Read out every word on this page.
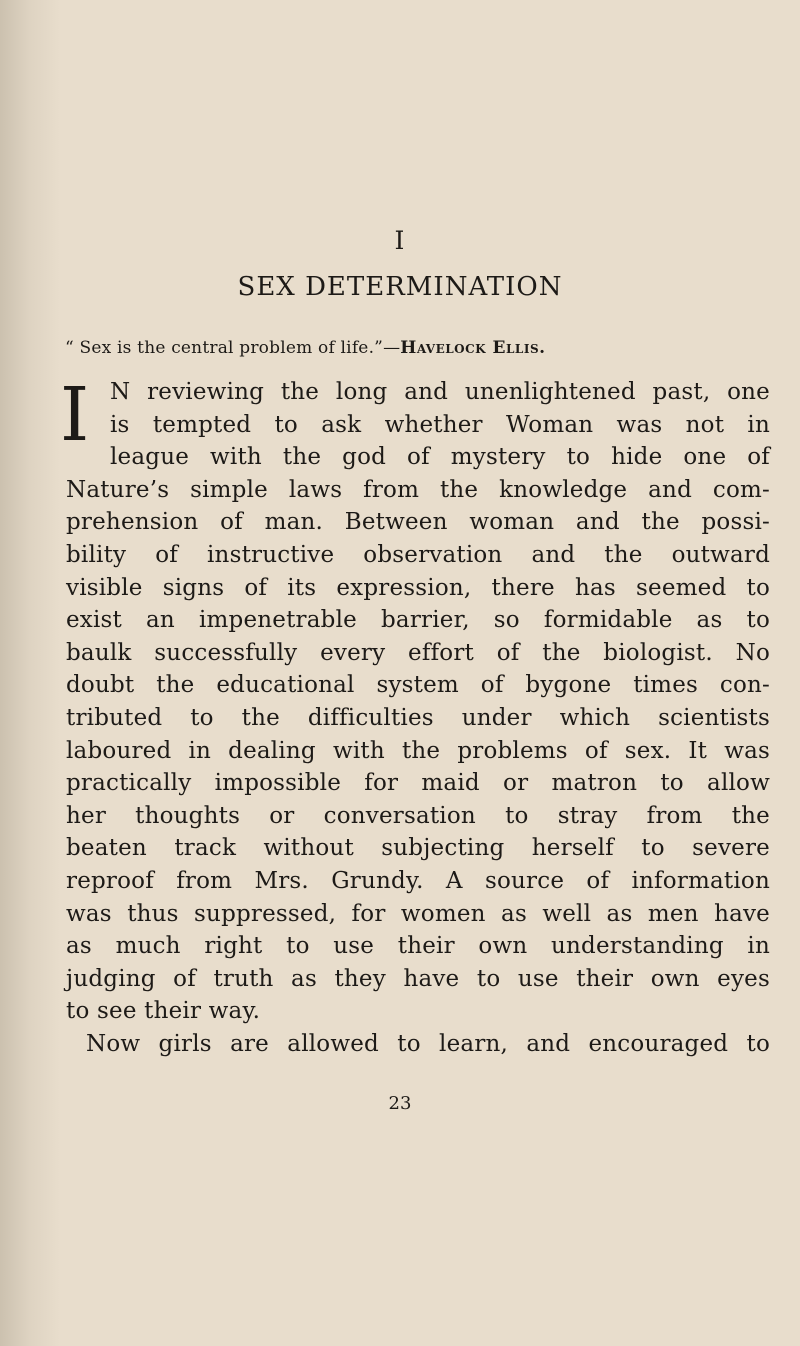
I
SEX DETERMINATION
“ Sex is the central problem of life.”—Havelock Ellis.
I N reviewing the long and unenlightened past, one
is tempted to ask whether Woman was not in
league with the god of mystery to hide one of
Nature’s simple laws from the knowledge and com-
prehension of man. Between woman and the possi-
bility of instructive observation and the outward
visible signs of its expression, there has seemed to
exist an impenetrable barrier, so formidable as to
baulk successfully every effort of the biologist. No
doubt the educational system of bygone times con-
tributed to the difficulties under which scientists
laboured in dealing with the problems of sex. It was
practically impossible for maid or matron to allow
her thoughts or conversation to stray from the
beaten track without subjecting herself to severe
reproof from Mrs. Grundy. A source of information
was thus suppressed, for women as well as men have
as much right to use their own understanding in
judging of truth as they have to use their own eyes
to see their way.
Now girls are allowed to learn, and encouraged to
23
